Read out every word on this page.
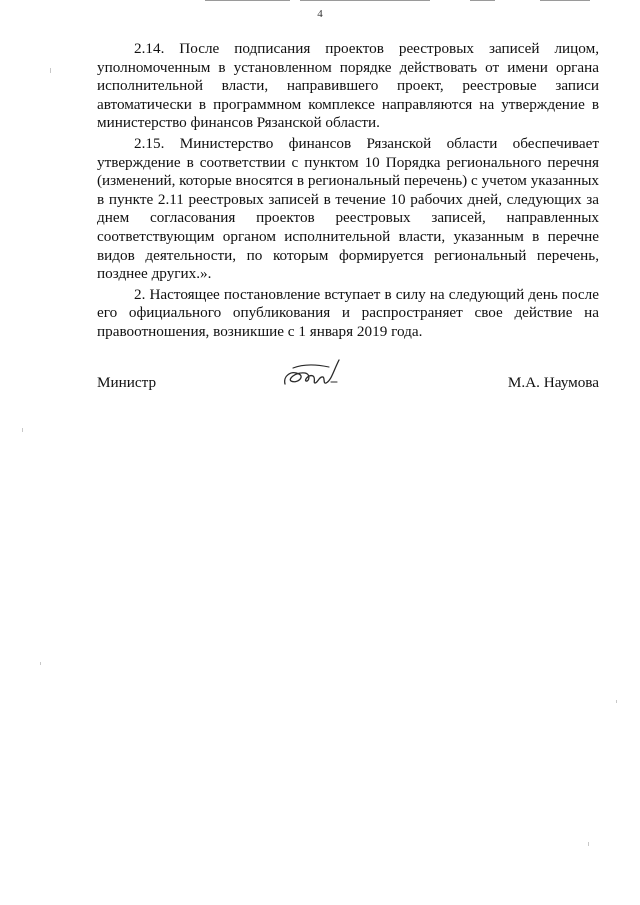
4

2.14. После подписания проектов реестровых записей лицом, уполномоченным в установленном порядке действовать от имени органа исполнительной власти, направившего проект, реестровые записи автоматически в программном комплексе направляются на утверждение в министерство финансов Рязанской области.

2.15. Министерство финансов Рязанской области обеспечивает утверждение в соответствии с пунктом 10 Порядка регионального перечня (изменений, которые вносятся в региональный перечень) с учетом указанных в пункте 2.11 реестровых записей в течение 10 рабочих дней, следующих за днем согласования проектов реестровых записей, направленных соответствующим органом исполнительной власти, указанным в перечне видов деятельности, по которым формируется региональный перечень, позднее других.».

2. Настоящее постановление вступает в силу на следующий день после его официального опубликования и распространяет свое действие на правоотношения, возникшие с 1 января 2019 года.

Министр	М.А. Наумова
